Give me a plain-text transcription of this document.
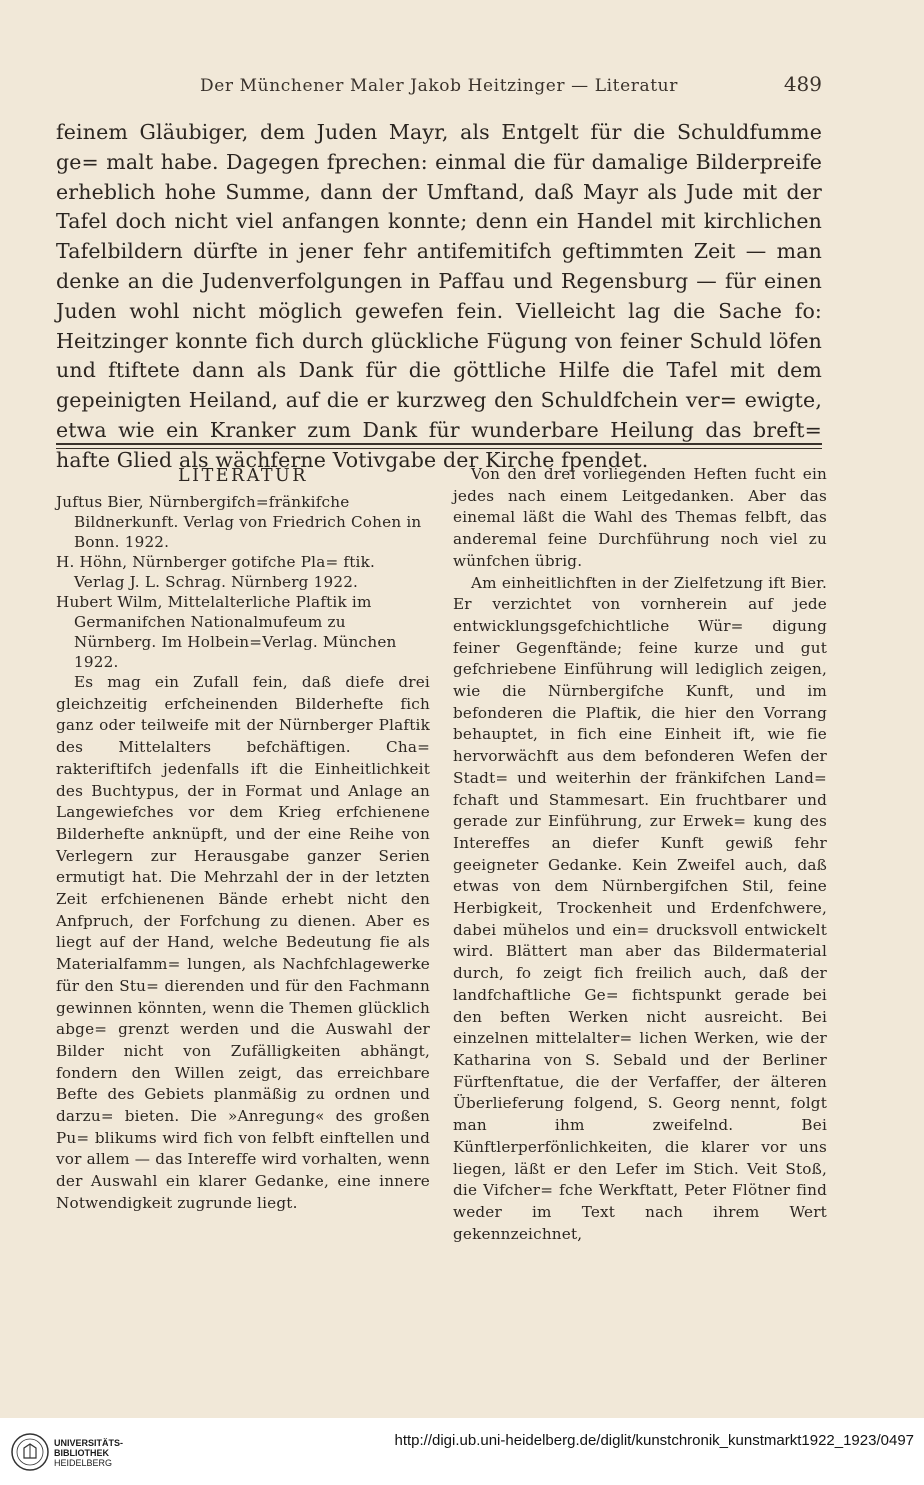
Der Münchener Maler Jakob Heitzinger — Literatur	489

feinem Gläubiger, dem Juden Mayr, als Entgelt für die Schuldfumme ge= malt habe. Dagegen fprechen: einmal die für damalige Bilderpreife erheblich hohe Summe, dann der Umftand, daß Mayr als Jude mit der Tafel doch nicht viel anfangen konnte; denn ein Handel mit kirchlichen Tafelbildern dürfte in jener fehr antifemitifch geftimmten Zeit — man denke an die Judenverfolgungen in Paffau und Regensburg — für einen Juden wohl nicht möglich gewefen fein. Vielleicht lag die Sache fo: Heitzinger konnte fich durch glückliche Fügung von feiner Schuld löfen und ftiftete dann als Dank für die göttliche Hilfe die Tafel mit dem gepeinigten Heiland, auf die er kurzweg den Schuldfchein ver= ewigte, etwa wie ein Kranker zum Dank für wunderbare Heilung das breft= hafte Glied als wächferne Votivgabe der Kirche fpendet.

LITERATUR

Juftus Bier, Nürnbergifch=fränkifche Bildnerkunft. Verlag von Friedrich Cohen in Bonn. 1922.

H. Höhn, Nürnberger gotifche Pla= ftik. Verlag J. L. Schrag. Nürnberg 1922.

Hubert Wilm, Mittelalterliche Plaftik im Germanifchen Nationalmufeum zu Nürnberg. Im Holbein=Verlag. München 1922.

Es mag ein Zufall fein, daß diefe drei gleichzeitig erfcheinenden Bilderhefte fich ganz oder teilweife mit der Nürnberger Plaftik des Mittelalters befchäftigen. Cha= rakteriftifch jedenfalls ift die Einheitlichkeit des Buchtypus, der in Format und Anlage an Langewiefches vor dem Krieg erfchienene Bilderhefte anknüpft, und der eine Reihe von Verlegern zur Herausgabe ganzer Serien ermutigt hat. Die Mehrzahl der in der letzten Zeit erfchienenen Bände erhebt nicht den Anfpruch, der Forfchung zu dienen. Aber es liegt auf der Hand, welche Bedeutung fie als Materialfamm= lungen, als Nachfchlagewerke für den Stu= dierenden und für den Fachmann gewinnen könnten, wenn die Themen glücklich abge= grenzt werden und die Auswahl der Bilder nicht von Zufälligkeiten abhängt, fondern den Willen zeigt, das erreichbare Befte des Gebiets planmäßig zu ordnen und darzu= bieten. Die »Anregung« des großen Pu= blikums wird fich von felbft einftellen und vor allem — das Intereffe wird vorhalten, wenn der Auswahl ein klarer Gedanke, eine innere Notwendigkeit zugrunde liegt.

Von den drei vorliegenden Heften fucht ein jedes nach einem Leitgedanken. Aber das einemal läßt die Wahl des Themas felbft, das anderemal feine Durchführung noch viel zu wünfchen übrig.

Am einheitlichften in der Zielfetzung ift Bier. Er verzichtet von vornherein auf jede entwicklungsgefchichtliche Wür= digung feiner Gegenftände; feine kurze und gut gefchriebene Einführung will lediglich zeigen, wie die Nürnbergifche Kunft, und im befonderen die Plaftik, die hier den Vorrang behauptet, in fich eine Einheit ift, wie fie hervorwächft aus dem befonderen Wefen der Stadt= und weiterhin der fränkifchen Land= fchaft und Stammesart. Ein fruchtbarer und gerade zur Einführung, zur Erwek= kung des Intereffes an diefer Kunft gewiß fehr geeigneter Gedanke. Kein Zweifel auch, daß etwas von dem Nürnbergifchen Stil, feine Herbigkeit, Trockenheit und Erdenfchwere, dabei mühelos und ein= drucksvoll entwickelt wird. Blättert man aber das Bildermaterial durch, fo zeigt fich freilich auch, daß der landfchaftliche Ge= fichtspunkt gerade bei den beften Werken nicht ausreicht. Bei einzelnen mittelalter= lichen Werken, wie der Katharina von S. Sebald und der Berliner Fürftenftatue, die der Verfaffer, der älteren Überlieferung folgend, S. Georg nennt, folgt man ihm zweifelnd. Bei Künftlerperfönlichkeiten, die klarer vor uns liegen, läßt er den Lefer im Stich. Veit Stoß, die Vifcher= fche Werkftatt, Peter Flötner find weder im Text nach ihrem Wert gekennzeichnet,

UNIVERSITÄTS-
BIBLIOTHEK
HEIDELBERG
http://digi.ub.uni-heidelberg.de/diglit/kunstchronik_kunstmarkt1922_1923/0497
